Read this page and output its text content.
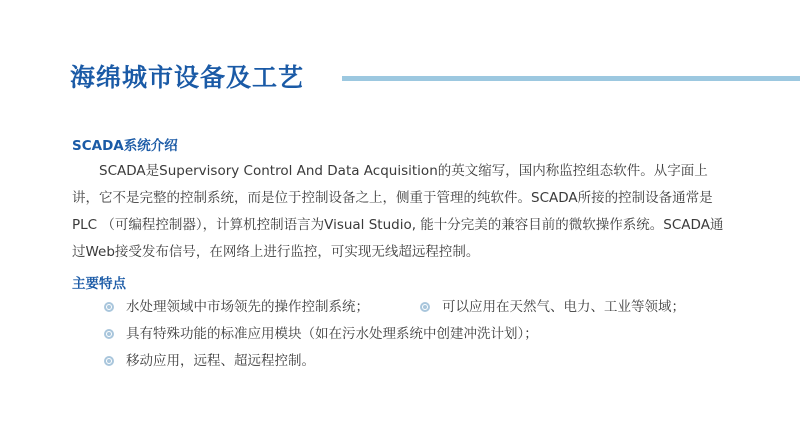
海绵城市设备及工艺
SCADA系统介绍

SCADA是Supervisory Control And Data Acquisition的英文缩写，国内称监控组态软件。从字面上讲，它不是完整的控制系统，而是位于控制设备之上，侧重于管理的纯软件。SCADA所接的控制设备通常是PLC （可编程控制器），计算机控制语言为Visual Studio, 能十分完美的兼容目前的微软操作系统。SCADA通过Web接受发布信号，在网络上进行监控，可实现无线超远程控制。

主要特点
水处理领域中市场领先的操作控制系统；	可以应用在天然气、电力、工业等领域；
具有特殊功能的标准应用模块（如在污水处理系统中创建冲洗计划）；
移动应用，远程、超远程控制。
